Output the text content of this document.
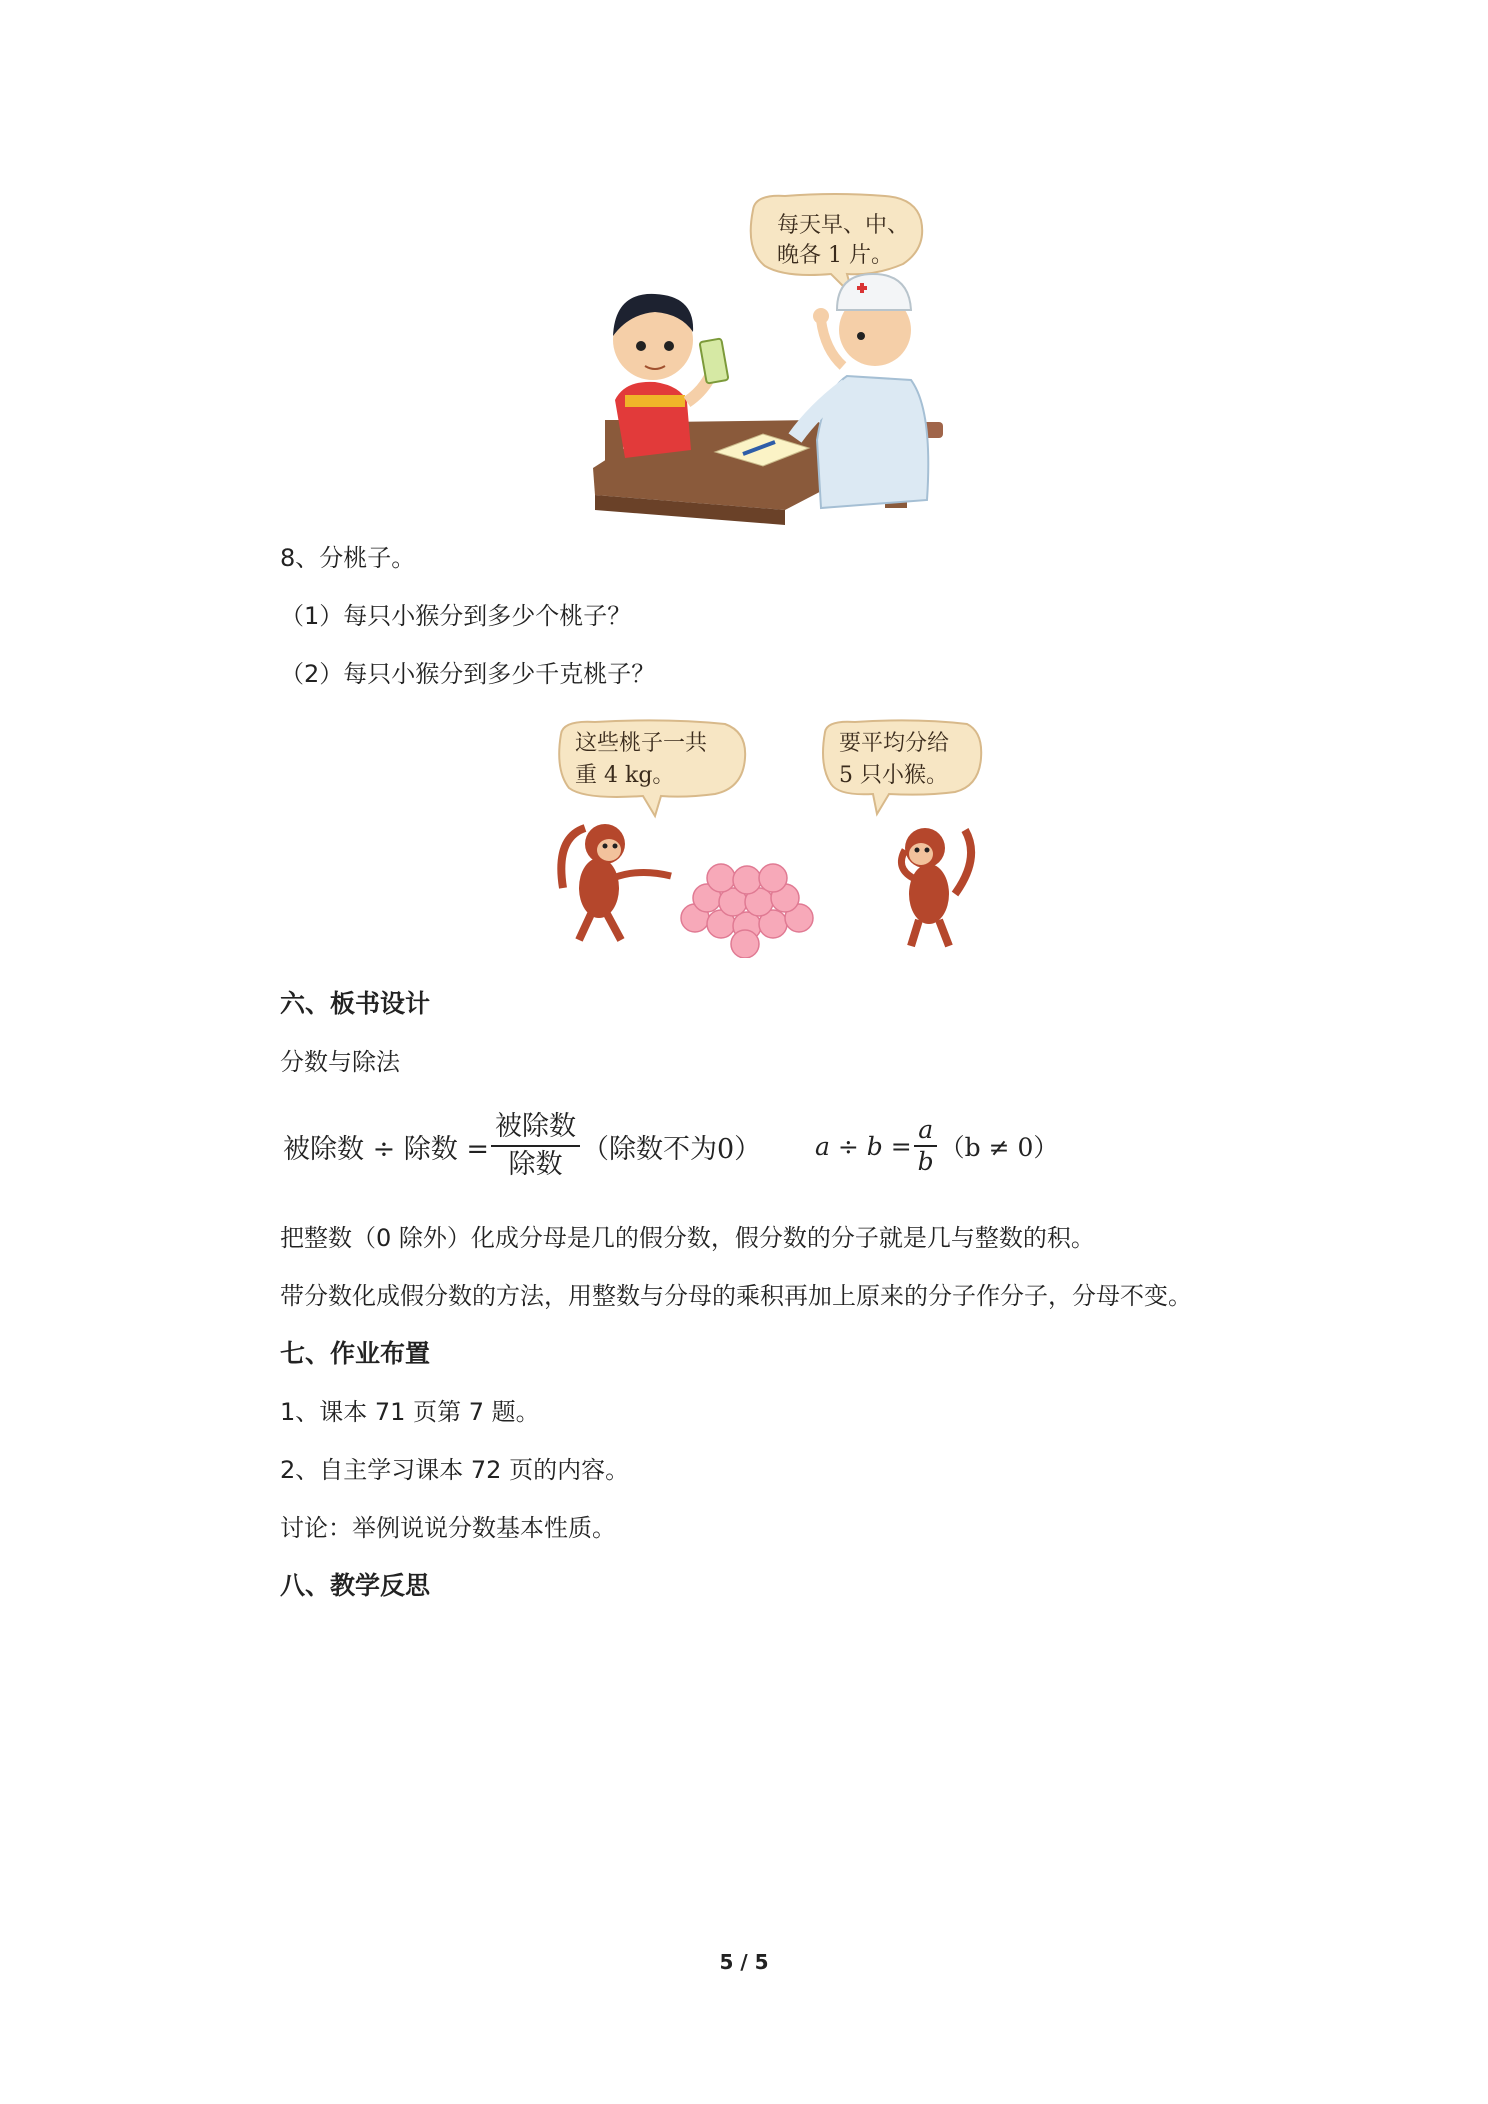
每天早、中、
晚各 1 片。
8、分桃子。
（1）每只小猴分到多少个桃子？
（2）每只小猴分到多少千克桃子？
这些桃子一共
重 4 kg。
要平均分给
5 只小猴。
六、板书设计
分数与除法
被除数 ÷ 除数 = $\frac{\text{被除数}}{\text{除数}}$ （除数不为0） $a \div b = \frac{a}{b} (b \ne 0)$
把整数（0 除外）化成分母是几的假分数，假分数的分子就是几与整数的积。
带分数化成假分数的方法，用整数与分母的乘积再加上原来的分子作分子，分母不变。
七、作业布置
1、课本 71 页第 7 题。
2、自主学习课本 72 页的内容。
讨论：举例说说分数基本性质。
八、教学反思
5 / 5
